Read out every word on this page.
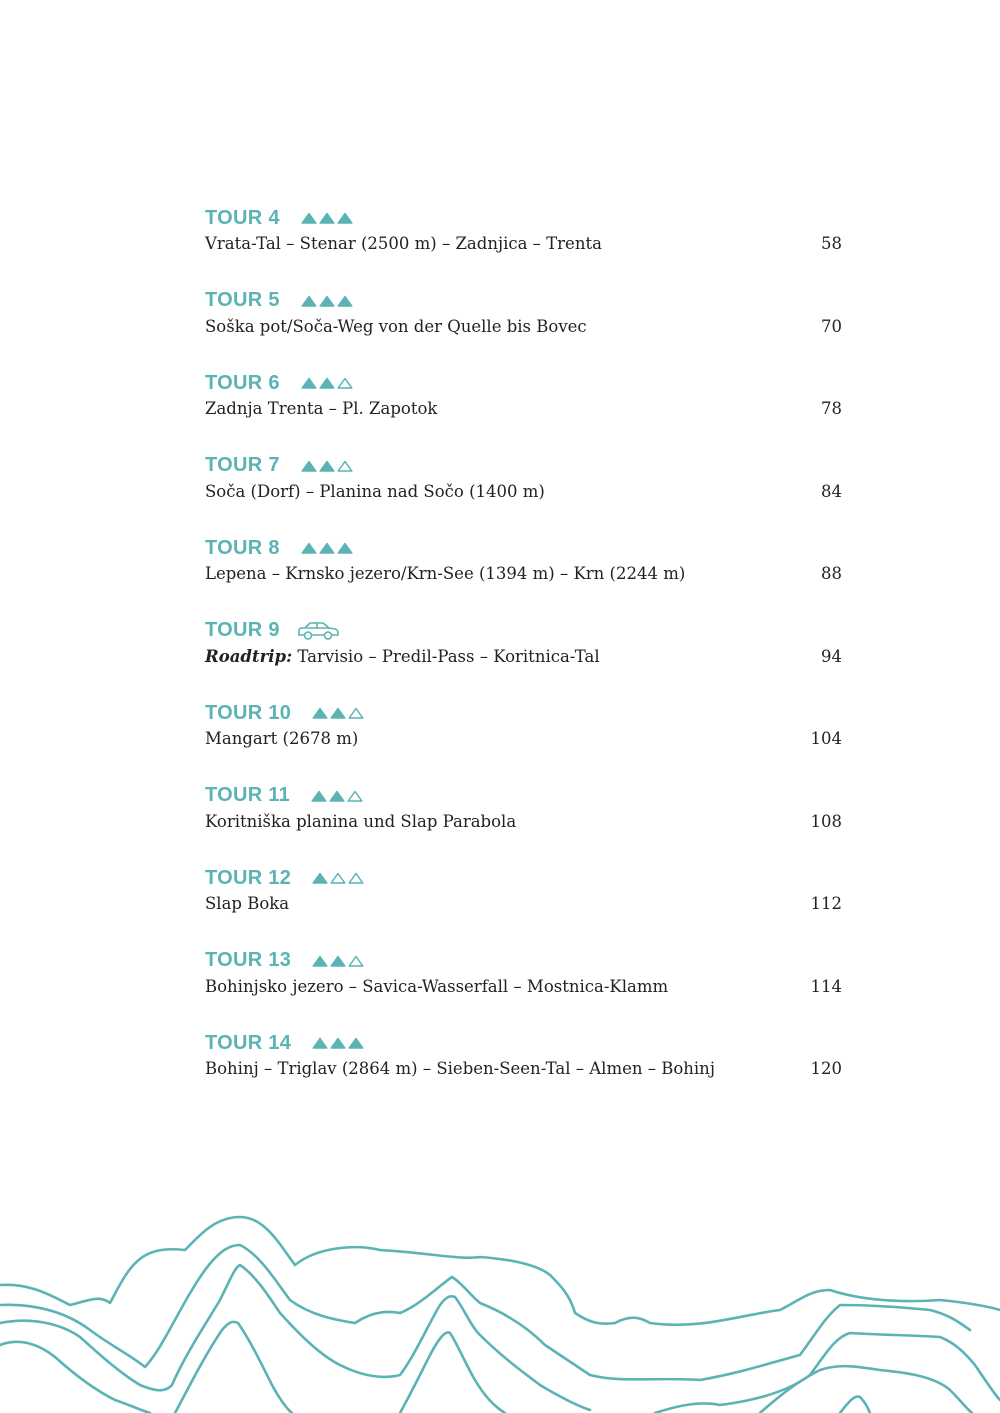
TOUR 4
Vrata-Tal – Stenar (2500 m) – Zadnjica – Trenta	58
TOUR 5
Soška pot/Soča-Weg von der Quelle bis Bovec	70
TOUR 6
Zadnja Trenta – Pl. Zapotok	78
TOUR 7
Soča (Dorf) – Planina nad Sočo (1400 m)	84
TOUR 8
Lepena – Krnsko jezero/Krn-See (1394 m) – Krn (2244 m)	88
TOUR 9
Roadtrip: Tarvisio – Predil-Pass – Koritnica-Tal	94
TOUR 10
Mangart (2678 m)	104
TOUR 11
Koritniška planina und Slap Parabola	108
TOUR 12
Slap Boka	112
TOUR 13
Bohinjsko jezero – Savica-Wasserfall – Mostnica-Klamm	114
TOUR 14
Bohinj – Triglav (2864 m) – Sieben-Seen-Tal – Almen – Bohinj	120
